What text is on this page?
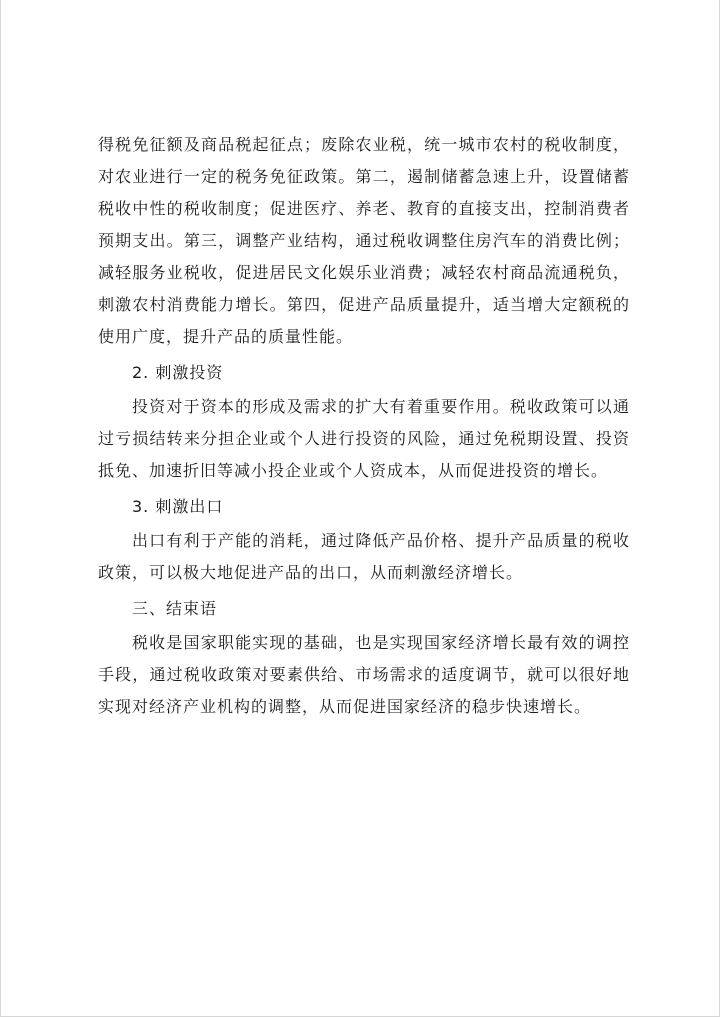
得税免征额及商品税起征点；废除农业税，统一城市农村的税收制度，对农业进行一定的税务免征政策。第二，遏制储蓄急速上升，设置储蓄税收中性的税收制度；促进医疗、养老、教育的直接支出，控制消费者预期支出。第三，调整产业结构，通过税收调整住房汽车的消费比例；减轻服务业税收，促进居民文化娱乐业消费；减轻农村商品流通税负，刺激农村消费能力增长。第四，促进产品质量提升，适当增大定额税的使用广度，提升产品的质量性能。

2. 刺激投资

投资对于资本的形成及需求的扩大有着重要作用。税收政策可以通过亏损结转来分担企业或个人进行投资的风险，通过免税期设置、投资抵免、加速折旧等减小投企业或个人资成本，从而促进投资的增长。

3. 刺激出口

出口有利于产能的消耗，通过降低产品价格、提升产品质量的税收政策，可以极大地促进产品的出口，从而刺激经济增长。

三、结束语

税收是国家职能实现的基础，也是实现国家经济增长最有效的调控手段，通过税收政策对要素供给、市场需求的适度调节，就可以很好地实现对经济产业机构的调整，从而促进国家经济的稳步快速增长。
